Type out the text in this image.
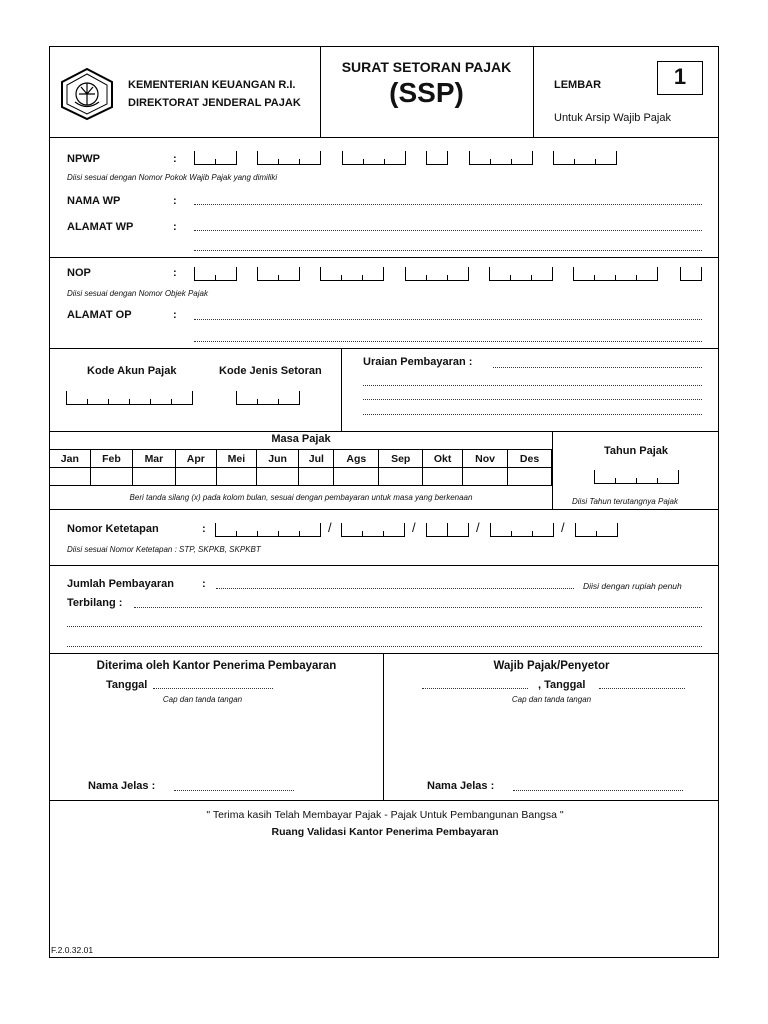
KEMENTERIAN KEUANGAN R.I.
DIREKTORAT JENDERAL PAJAK
SURAT SETORAN PAJAK
(SSP)	LEMBAR	1
Untuk Arsip Wajib Pajak
NPWP	:
Diisi sesuai dengan Nomor Pokok Wajib Pajak yang dimiliki
NAMA WP	:
ALAMAT WP	:
NOP	:
Diisi sesuai dengan Nomor Objek Pajak
ALAMAT OP	:
Kode Akun Pajak	Kode Jenis Setoran
Uraian Pembayaran :
Masa Pajak
Jan	Feb	Mar	Apr	Mei	Jun	Jul	Ags	Sep	Okt	Nov	Des

Beri tanda silang (x) pada kolom bulan, sesuai dengan pembayaran untuk masa yang berkenaan
Tahun Pajak
Diisi Tahun terutangnya Pajak
Nomor Ketetapan	:	/	/	/	/
Diisi sesuai Nomor Ketetapan : STP, SKPKB, SKPKBT
Jumlah Pembayaran	:	Diisi dengan rupiah penuh
Terbilang :
Diterima oleh Kantor Penerima Pembayaran
Tanggal
Cap dan tanda tangan
Nama Jelas :
Wajib Pajak/Penyetor
, Tanggal
Cap dan tanda tangan
Nama Jelas :
" Terima kasih Telah Membayar Pajak - Pajak Untuk Pembangunan Bangsa "
Ruang Validasi Kantor Penerima Pembayaran
F.2.0.32.01
